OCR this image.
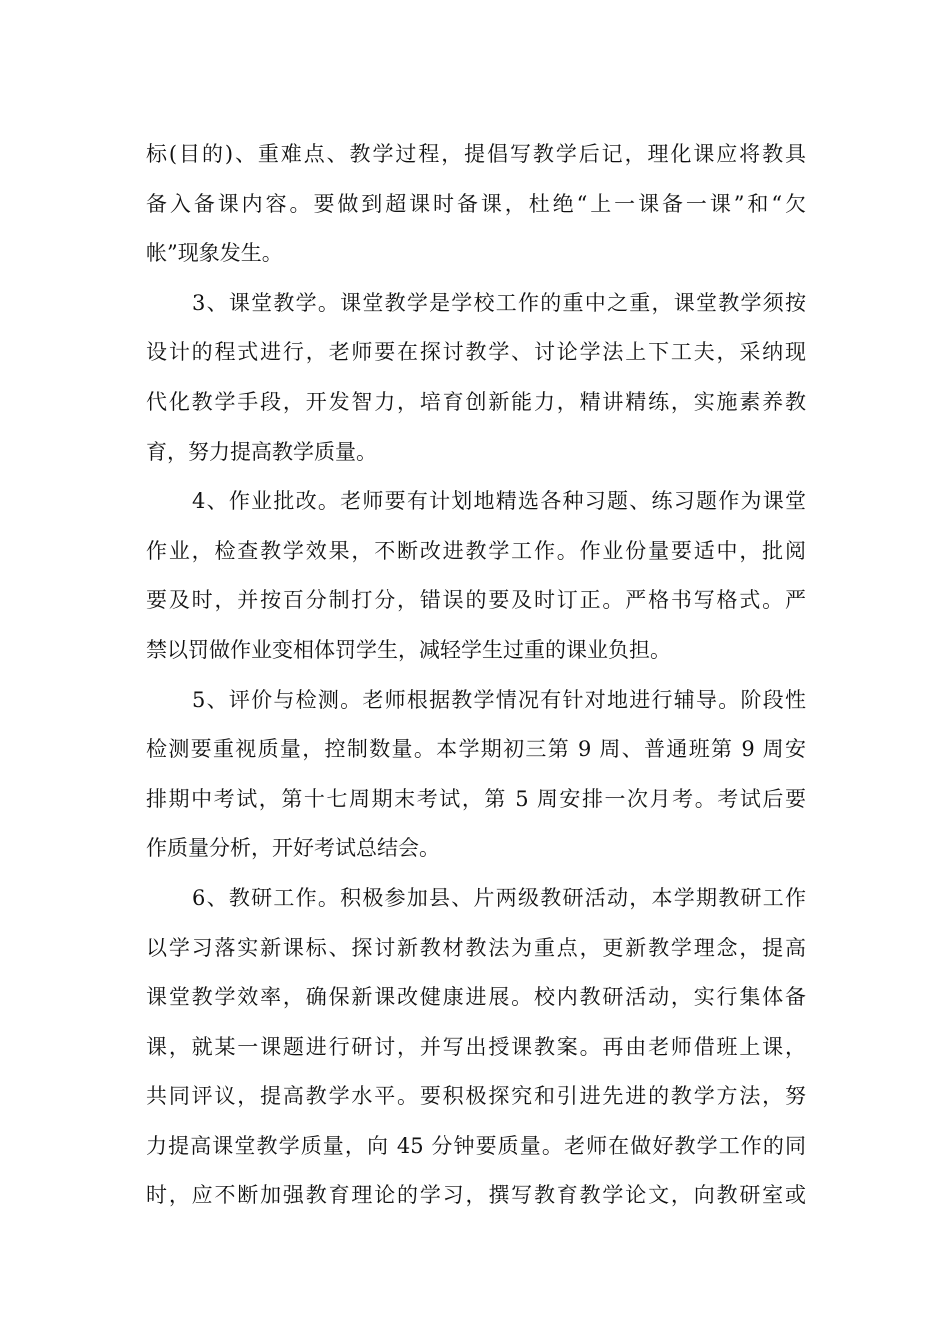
标(目的)、重难点、教学过程，提倡写教学后记，理化课应将教具
备入备课内容。要做到超课时备课，杜绝“上一课备一课”和“欠
帐”现象发生。
3、课堂教学。课堂教学是学校工作的重中之重，课堂教学须按
设计的程式进行，老师要在探讨教学、讨论学法上下工夫，采纳现
代化教学手段，开发智力，培育创新能力，精讲精练，实施素养教
育，努力提高教学质量。
4、作业批改。老师要有计划地精选各种习题、练习题作为课堂
作业，检查教学效果，不断改进教学工作。作业份量要适中，批阅
要及时，并按百分制打分，错误的要及时订正。严格书写格式。严
禁以罚做作业变相体罚学生，减轻学生过重的课业负担。
5、评价与检测。老师根据教学情况有针对地进行辅导。阶段性
检测要重视质量，控制数量。本学期初三第 9 周、普通班第 9 周安
排期中考试，第十七周期末考试，第 5 周安排一次月考。考试后要
作质量分析，开好考试总结会。
6、教研工作。积极参加县、片两级教研活动，本学期教研工作
以学习落实新课标、探讨新教材教法为重点，更新教学理念，提高
课堂教学效率，确保新课改健康进展。校内教研活动，实行集体备
课，就某一课题进行研讨，并写出授课教案。再由老师借班上课，
共同评议，提高教学水平。要积极探究和引进先进的教学方法，努
力提高课堂教学质量，向 45 分钟要质量。老师在做好教学工作的同
时，应不断加强教育理论的学习，撰写教育教学论文，向教研室或
